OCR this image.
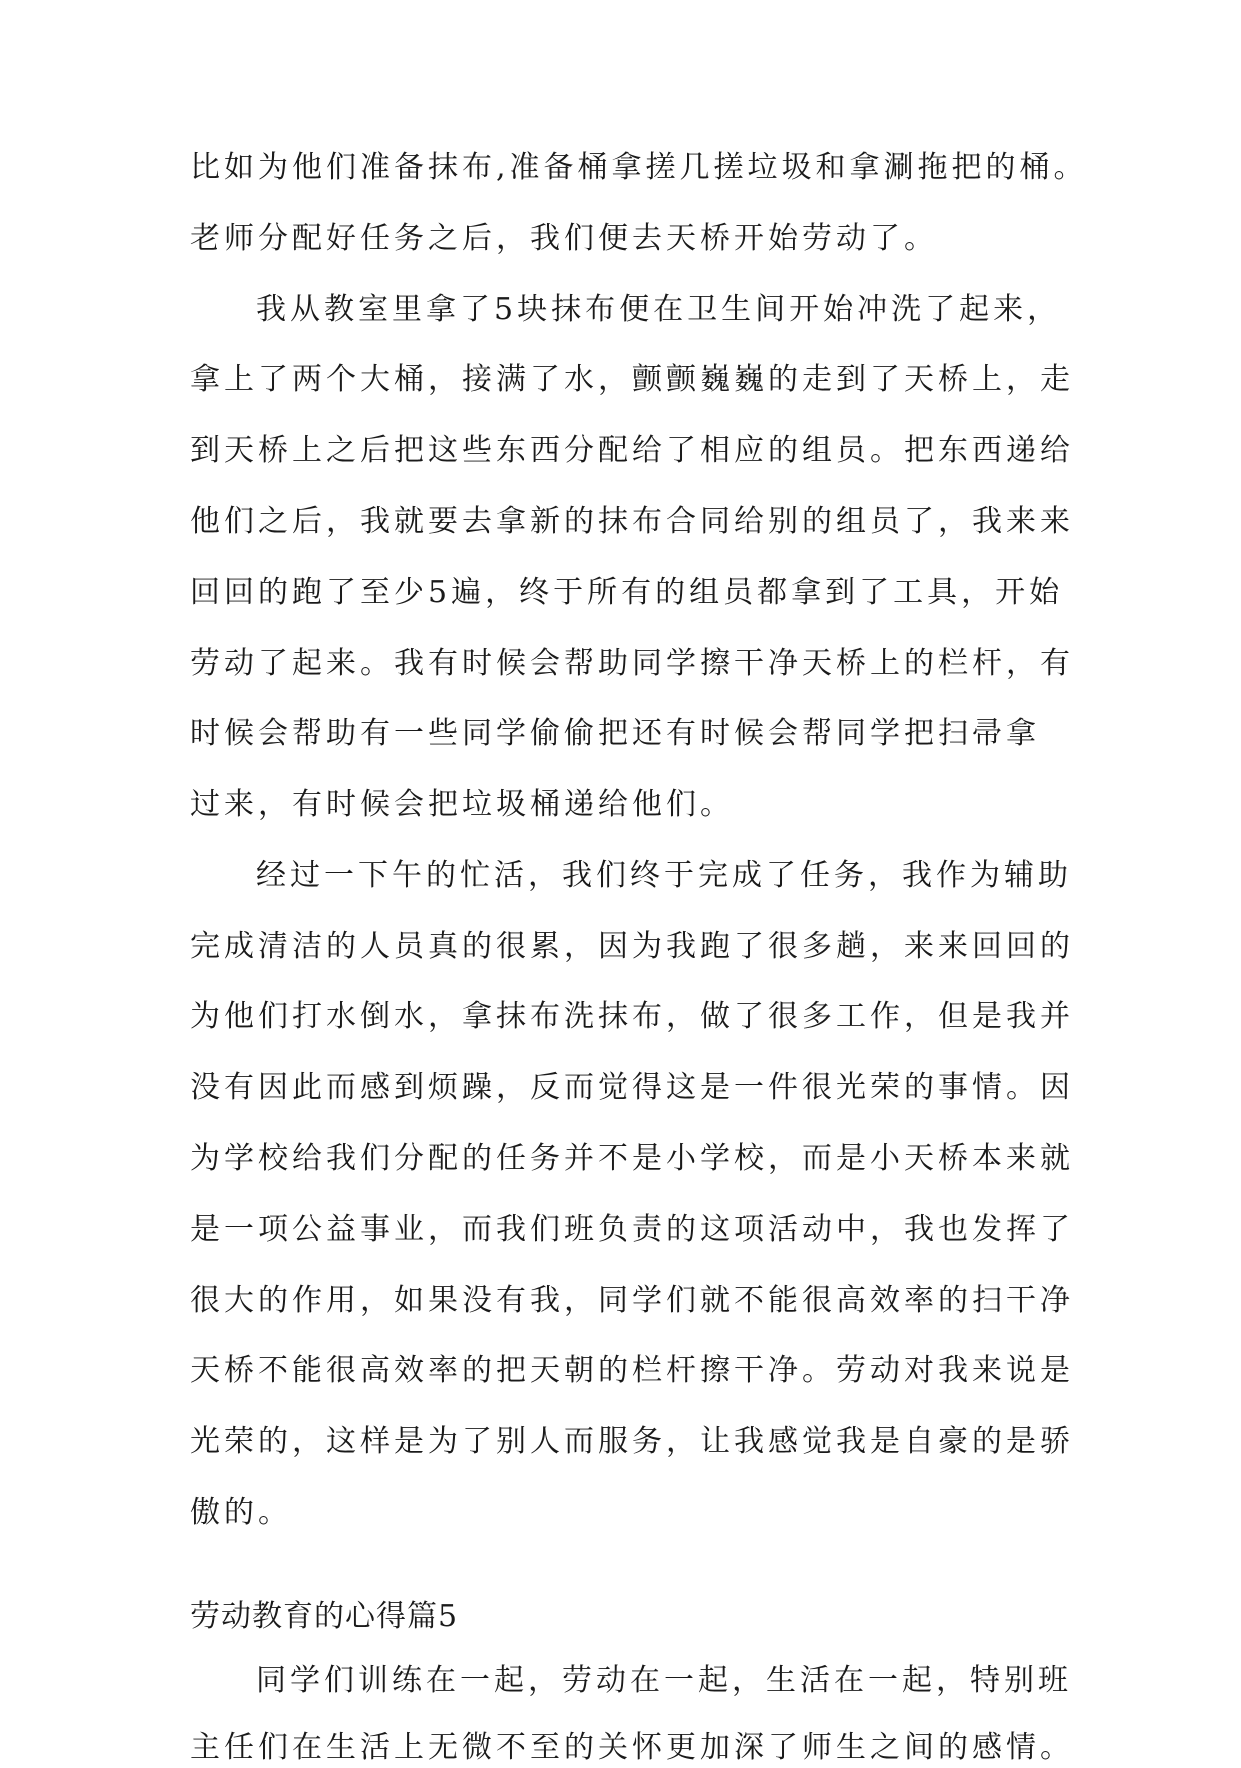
比如为他们准备抹布,准备桶拿搓几搓垃圾和拿涮拖把的桶。

老师分配好任务之后，我们便去天桥开始劳动了。

我从教室里拿了5块抹布便在卫生间开始冲洗了起来，

拿上了两个大桶，接满了水，颤颤巍巍的走到了天桥上，走

到天桥上之后把这些东西分配给了相应的组员。把东西递给

他们之后，我就要去拿新的抹布合同给别的组员了，我来来

回回的跑了至少5遍，终于所有的组员都拿到了工具，开始

劳动了起来。我有时候会帮助同学擦干净天桥上的栏杆，有

时候会帮助有一些同学偷偷把还有时候会帮同学把扫帚拿

过来，有时候会把垃圾桶递给他们。

经过一下午的忙活，我们终于完成了任务，我作为辅助

完成清洁的人员真的很累，因为我跑了很多趟，来来回回的

为他们打水倒水，拿抹布洗抹布，做了很多工作，但是我并

没有因此而感到烦躁，反而觉得这是一件很光荣的事情。因

为学校给我们分配的任务并不是小学校，而是小天桥本来就

是一项公益事业，而我们班负责的这项活动中，我也发挥了

很大的作用，如果没有我，同学们就不能很高效率的扫干净

天桥不能很高效率的把天朝的栏杆擦干净。劳动对我来说是

光荣的，这样是为了别人而服务，让我感觉我是自豪的是骄

傲的。

劳动教育的心得篇5

同学们训练在一起，劳动在一起，生活在一起，特别班

主任们在生活上无微不至的关怀更加深了师生之间的感情。
